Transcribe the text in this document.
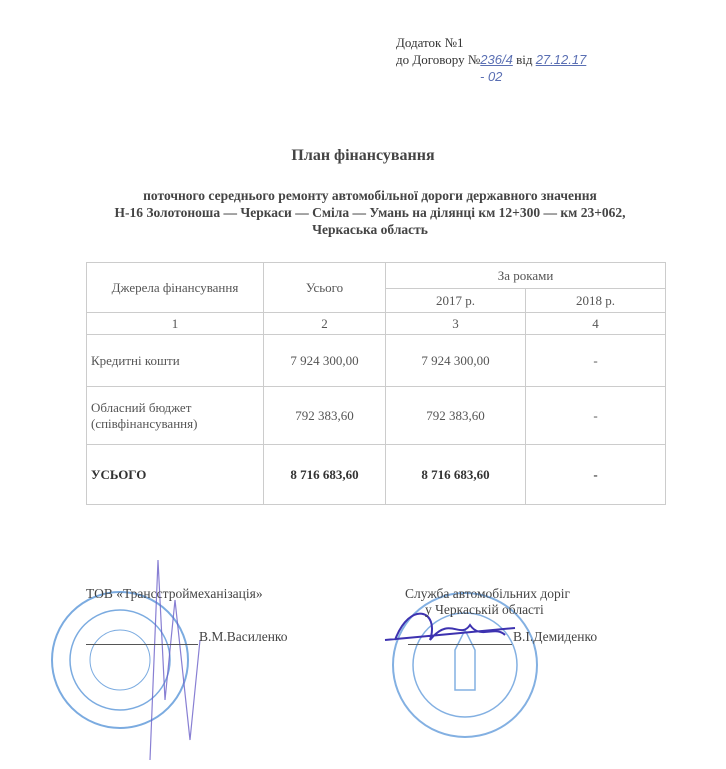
Додаток №1
до Договору №236/4 від 27.12.17
- 02
План фінансування
поточного середнього ремонту автомобільної дороги державного значення
Н-16 Золотоноша — Черкаси — Сміла — Умань на ділянці км 12+300 — км 23+062,
Черкаська область
Джерела фінансування	Усього	За роками	
		2017 р.	2018 р.
1	2	3	4
Кредитні кошти	7 924 300,00	7 924 300,00	-

Обласний бюджет
(співфінансування)	792 383,60	792 383,60	-
УСЬОГО	8 716 683,60	8 716 683,60	-
ТОВ «Трансстроймеханізація»
В.М.Василенко
Служба автомобільних доріг
у Черкаській області
В.І.Демиденко
